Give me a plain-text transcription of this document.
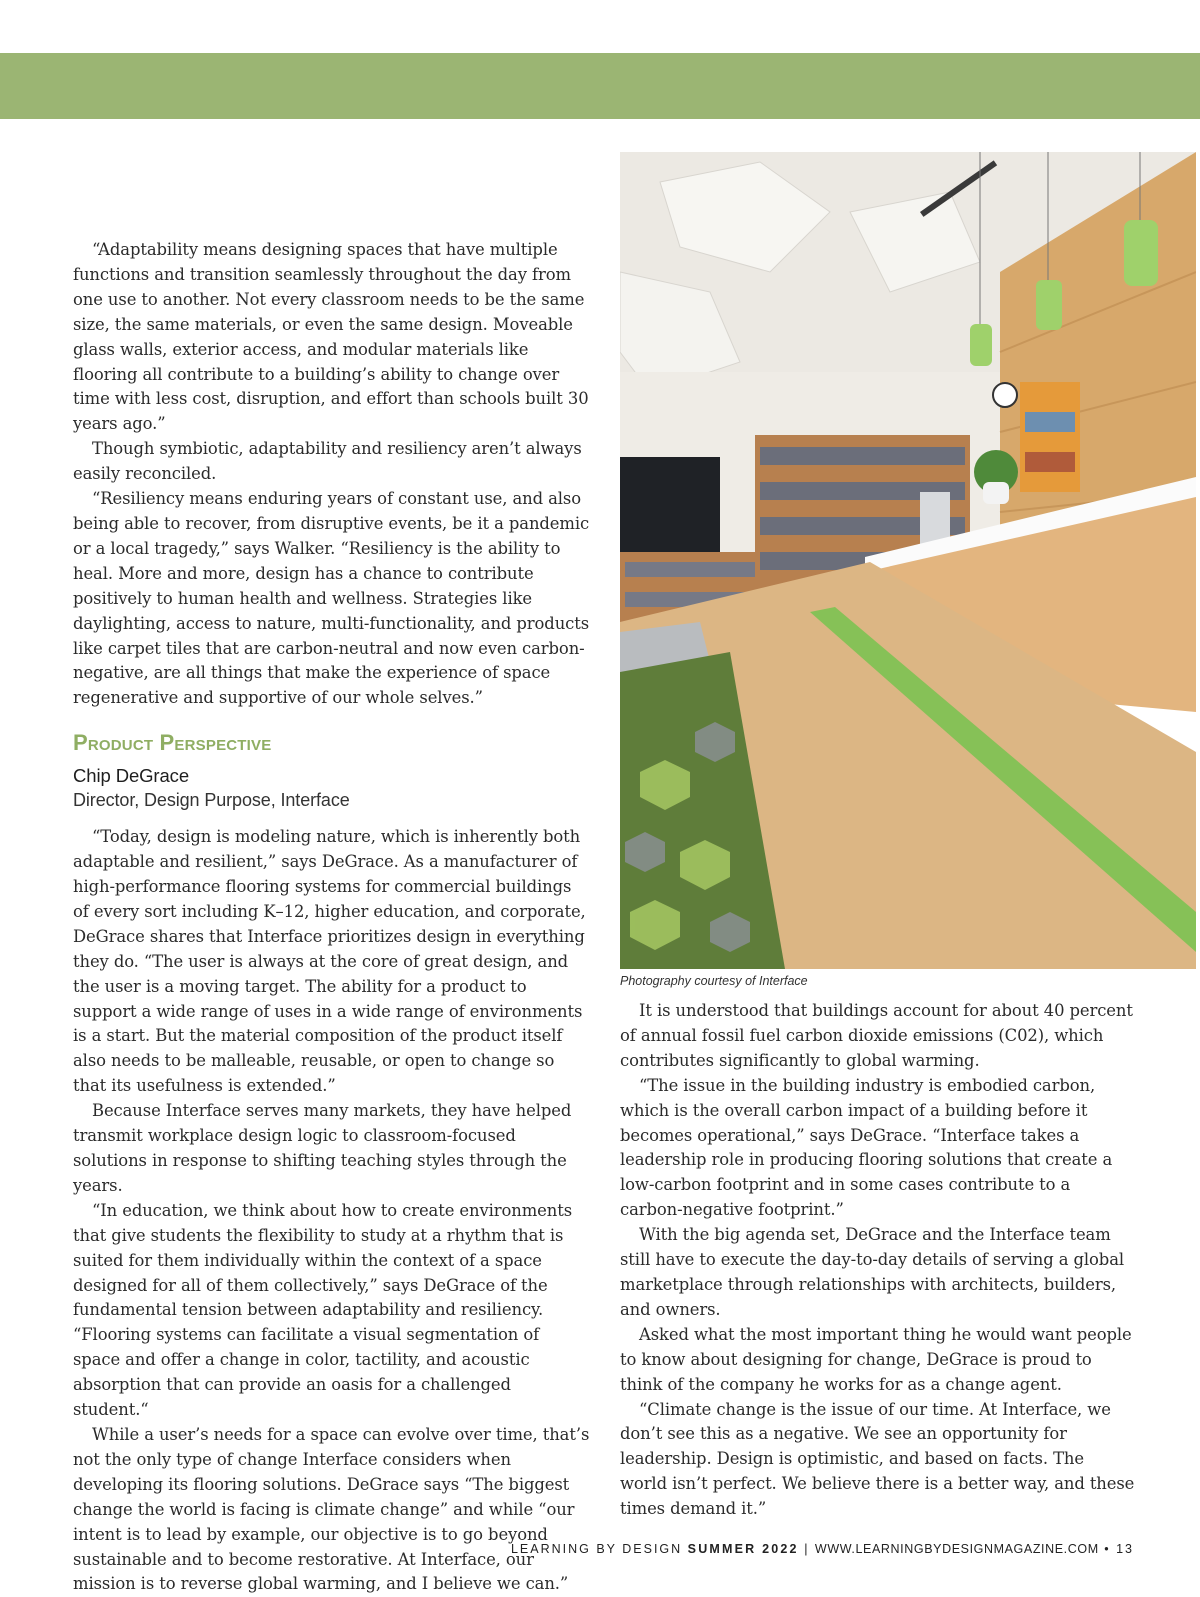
“Adaptability means designing spaces that have multiple functions and transition seamlessly throughout the day from one use to another. Not every classroom needs to be the same size, the same materials, or even the same design. Moveable glass walls, exterior access, and modular materials like flooring all contribute to a building’s ability to change over time with less cost, disruption, and effort than schools built 30 years ago.”

Though symbiotic, adaptability and resiliency aren’t always easily reconciled.

“Resiliency means enduring years of constant use, and also being able to recover, from disruptive events, be it a pandemic or a local tragedy,” says Walker. “Resiliency is the ability to heal. More and more, design has a chance to contribute positively to human health and wellness. Strategies like daylighting, access to nature, multi-functionality, and products like carpet tiles that are carbon-neutral and now even carbon-negative, are all things that make the experience of space regenerative and supportive of our whole selves.”

Product Perspective
Chip DeGrace
Director, Design Purpose, Interface

“Today, design is modeling nature, which is inherently both adaptable and resilient,” says DeGrace. As a manufacturer of high-performance flooring systems for commercial buildings of every sort including K–12, higher education, and corporate, DeGrace shares that Interface prioritizes design in everything they do. “The user is always at the core of great design, and the user is a moving target. The ability for a product to support a wide range of uses in a wide range of environments is a start. But the material composition of the product itself also needs to be malleable, reusable, or open to change so that its usefulness is extended.”

Because Interface serves many markets, they have helped transmit workplace design logic to classroom-focused solutions in response to shifting teaching styles through the years.

“In education, we think about how to create environments that give students the flexibility to study at a rhythm that is suited for them individually within the context of a space designed for all of them collectively,” says DeGrace of the fundamental tension between adaptability and resiliency. “Flooring systems can facilitate a visual segmentation of space and offer a change in color, tactility, and acoustic absorption that can provide an oasis for a challenged student.“

While a user’s needs for a space can evolve over time, that’s not the only type of change Interface considers when developing its flooring solutions. DeGrace says “The biggest change the world is facing is climate change” and while “our intent is to lead by example, our objective is to go beyond sustainable and to become restorative. At Interface, our mission is to reverse global warming, and I believe we can.”

Photography courtesy of Interface

It is understood that buildings account for about 40 percent of annual fossil fuel carbon dioxide emissions (C02), which contributes significantly to global warming.

“The issue in the building industry is embodied carbon, which is the overall carbon impact of a building before it becomes operational,” says DeGrace. “Interface takes a leadership role in producing flooring solutions that create a low-carbon footprint and in some cases contribute to a carbon-negative footprint.”

With the big agenda set, DeGrace and the Interface team still have to execute the day-to-day details of serving a global marketplace through relationships with architects, builders, and owners.

Asked what the most important thing he would want people to know about designing for change, DeGrace is proud to think of the company he works for as a change agent.

“Climate change is the issue of our time. At Interface, we don’t see this as a negative. We see an opportunity for leadership. Design is optimistic, and based on facts. The world isn’t perfect. We believe there is a better way, and these times demand it.”

LEARNING BY DESIGN SUMMER 2022 | WWW.LEARNINGBYDESIGNMAGAZINE.COM • 13
